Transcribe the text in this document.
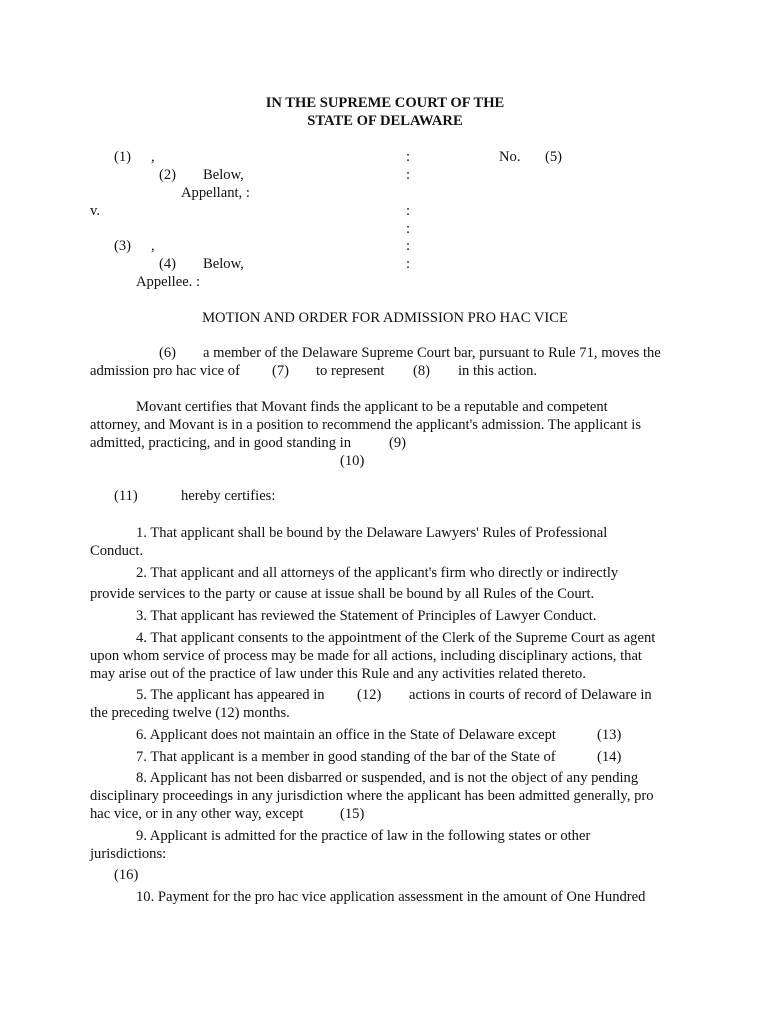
IN THE SUPREME COURT OF THE
STATE OF DELAWARE
(1) ,	:	No. (5)
(2) Below,	:
Appellant, :
v.	:
:
(3) ,	:
(4) Below,	:
Appellee. :
MOTION AND ORDER FOR ADMISSION PRO HAC VICE
(6) a member of the Delaware Supreme Court bar, pursuant to Rule 71, moves the
admission pro hac vice of (7) to represent (8) in this action.
Movant certifies that Movant finds the applicant to be a reputable and competent
attorney, and Movant is in a position to recommend the applicant's admission. The applicant is
admitted, practicing, and in good standing in	(9)
(10)
(11)	hereby certifies:
1. That applicant shall be bound by the Delaware Lawyers' Rules of Professional
Conduct.
2. That applicant and all attorneys of the applicant's firm who directly or indirectly
provide services to the party or cause at issue shall be bound by all Rules of the Court.
3. That applicant has reviewed the Statement of Principles of Lawyer Conduct.
4. That applicant consents to the appointment of the Clerk of the Supreme Court as agent
upon whom service of process may be made for all actions, including disciplinary actions, that
may arise out of the practice of law under this Rule and any activities related thereto.
5. The applicant has appeared in (12) actions in courts of record of Delaware in
the preceding twelve (12) months.
6. Applicant does not maintain an office in the State of Delaware except	(13)
7. That applicant is a member in good standing of the bar of the State of	(14)
8. Applicant has not been disbarred or suspended, and is not the object of any pending
disciplinary proceedings in any jurisdiction where the applicant has been admitted generally, pro
hac vice, or in any other way, except	(15)
9. Applicant is admitted for the practice of law in the following states or other
jurisdictions:
(16)
10. Payment for the pro hac vice application assessment in the amount of One Hundred
